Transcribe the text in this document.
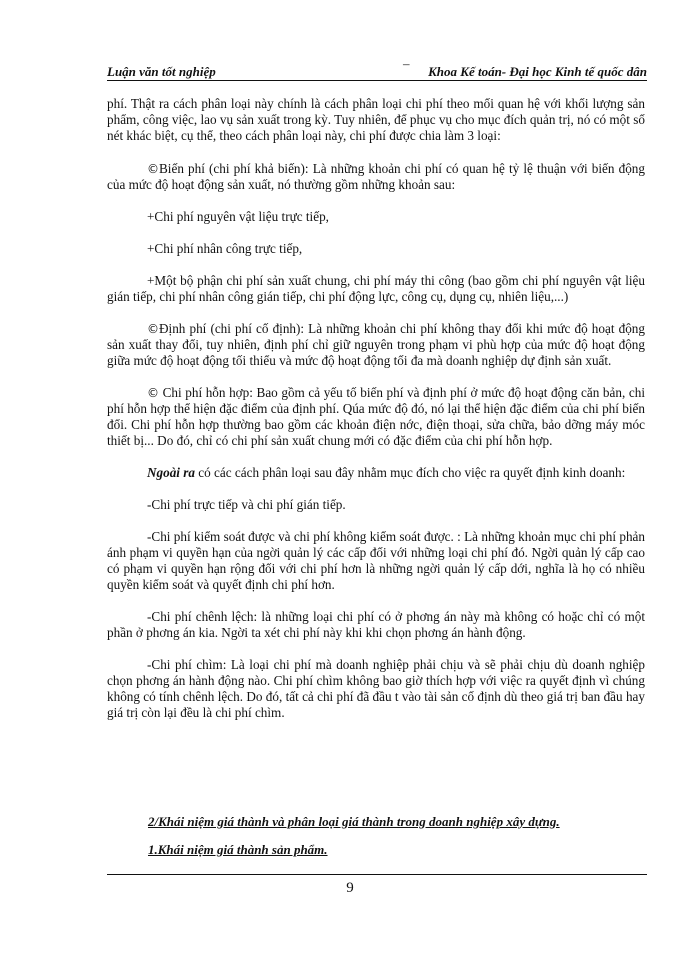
Luận văn tốt nghiệp
–
Khoa Kế toán- Đại học Kinh tế quốc dân

phí. Thật ra cách phân loại này chính là cách phân loại chi phí theo mối quan hệ với khối lượng sản phẩm, công việc, lao vụ sản xuất trong kỳ. Tuy nhiên, để phục vụ cho mục đích quản trị, nó có một số nét khác biệt, cụ thể, theo cách phân loại này, chi phí được chia làm 3 loại:

©Biến phí (chi phí khả biến): Là những khoản chi phí có quan hệ tỷ lệ thuận với biến động của mức độ hoạt động sản xuất, nó thường gồm những khoản sau:

+Chi phí nguyên vật liệu trực tiếp,

+Chi phí nhân công trực tiếp,

+Một bộ phận chi phí sản xuất chung, chi phí máy thi công (bao gồm chi phí nguyên vật liệu gián tiếp, chi phí nhân công gián tiếp, chi phí động lực, công cụ, dụng cụ, nhiên liệu,...)

©Định phí (chi phí cố định): Là những khoản chi phí không thay đổi khi mức độ hoạt động sản xuất thay đổi, tuy nhiên, định phí chỉ giữ nguyên trong phạm vi phù hợp của mức độ hoạt động giữa mức độ hoạt động tối thiểu và mức độ hoạt động tối đa mà doanh nghiệp dự định sản xuất.

© Chi phí hỗn hợp: Bao gồm cả yếu tố biến phí và định phí ở mức độ hoạt động căn bản, chi phí hỗn hợp thể hiện đặc điểm của định phí. Qúa mức độ đó, nó lại thể hiện đặc điểm của chi phí biến đổi. Chi phí hỗn hợp thường bao gồm các khoản điện nớc, điện thoại, sửa chữa, bảo dỡng máy móc thiết bị... Do đó, chỉ có chi phí sản xuất chung mới có đặc điểm của chi phí hỗn hợp.

Ngoài ra có các cách phân loại sau đây nhằm mục đích cho việc ra quyết định kinh doanh:

-Chi phí trực tiếp và chi phí gián tiếp.

-Chi phí kiểm soát được và chi phí không kiểm soát được. : Là những khoản mục chi phí phản ánh phạm vi quyền hạn của ngời quản lý các cấp đối với những loại chi phí đó. Ngời quản lý cấp cao có phạm vi quyền hạn rộng đối với chi phí hơn là những ngời quản lý cấp dới, nghĩa là họ có nhiều quyền kiểm soát và quyết định chi phí hơn.

-Chi phí chênh lệch: là những loại chi phí có ở phơng án này mà không có hoặc chỉ có một phần ở phơng án kia. Ngời ta xét chi phí này khi khi chọn phơng án hành động.

-Chi phí chìm: Là loại chi phí mà doanh nghiệp phải chịu và sẽ phải chịu dù doanh nghiệp chọn phơng án hành động nào. Chi phí chìm không bao giờ thích hợp với việc ra quyết định vì chúng không có tính chênh lệch. Do đó, tất cả chi phí đã đầu t vào tài sản cố định dù theo giá trị ban đầu hay giá trị còn lại đều là chi phí chìm.

2/Khái niệm giá thành và phân loại giá thành trong doanh nghiệp xây dựng.
1.Khái niệm giá thành sản phẩm.
9
